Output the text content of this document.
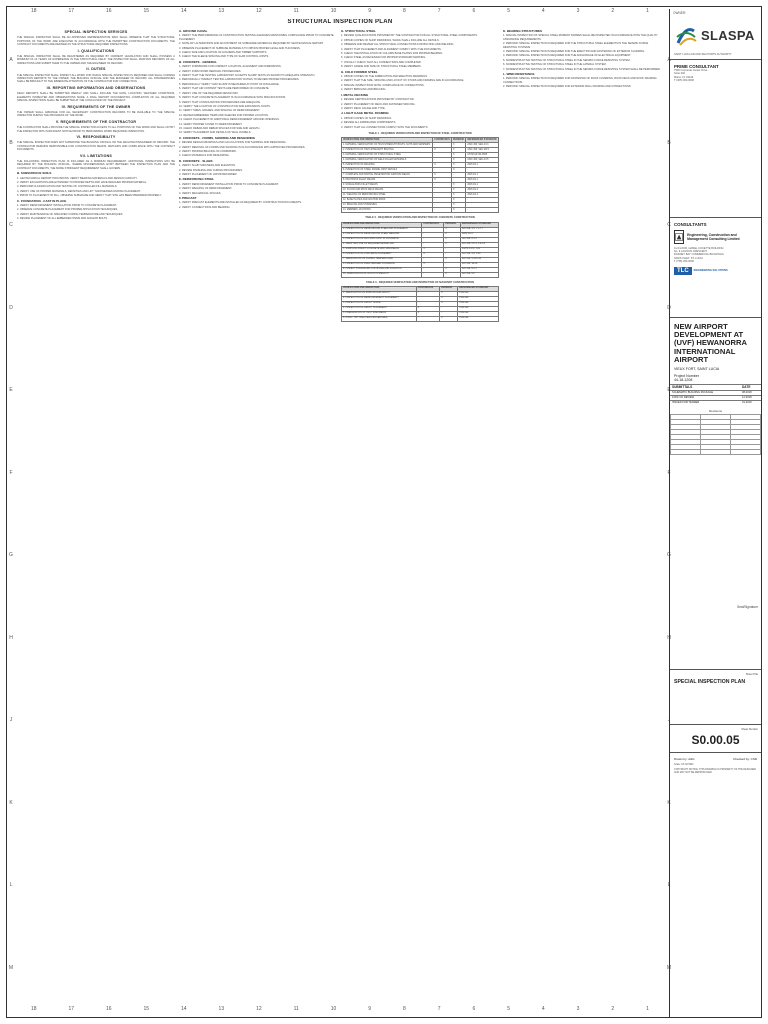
18	17	16	15	14	13	12	11	10	9	8	7	6	5	4	3	2	1
A
B
C
D
E
F
G
H
J
K
L
M
A
B
C
D
E
F
G
H
J
K
L
M
18	17	16	15	14	13	12	11	10	9	8	7	6	5	4	3	2	1
STRUCTURAL INSPECTION PLAN
SPECIAL INSPECTION SERVICES

THE SPECIAL INSPECTOR SHALL BE AN APPROVED REPRESENTATIVE WHO SHALL OBSERVE THAT THE STRUCTURAL PORTIONS OF THE WORK ARE EXECUTED IN ACCORDANCE WITH THE PERMITTED CONSTRUCTION DOCUMENTS. THE CONTRACT DOCUMENTS ARE DEFINED AS THE STRUCTURAL REQUIRED INSPECTIONS.

I. QUALIFICATIONS

THE SPECIAL INSPECTOR SHALL BE REGISTERED AS REQUIRED BY CURRENT LEGISLATION AND SHALL POSSESS A MINIMUM OF 10 YEARS OF EXPERIENCE IN THE STRUCTURAL FIELD. THE INSPECTOR SHALL MAINTAIN RECORDS OF ALL INSPECTIONS AND SUBMIT THEM TO THE OWNER AND THE ENGINEER OF RECORD.

II. DUTIES

THE SPECIAL INSPECTOR SHALL INSPECT ALL WORK FOR WHICH SPECIAL INSPECTION IS REQUIRED AND SHALL FURNISH INSPECTION REPORTS TO THE OWNER, THE BUILDING OFFICIAL AND THE ENGINEER OF RECORD. ALL DISCREPANCIES SHALL BE BROUGHT TO THE IMMEDIATE ATTENTION OF THE CONTRACTOR FOR CORRECTION.

III. REPORTING INFORMATION AND OBSERVATIONS

FIELD REPORTS SHALL BE SUBMITTED WEEKLY AND SHALL INCLUDE THE DATE, LOCATION, WEATHER CONDITIONS, ELEMENTS INSPECTED AND OBSERVATIONS MADE. A FINAL REPORT DOCUMENTING COMPLETION OF ALL REQUIRED SPECIAL INSPECTIONS SHALL BE SUBMITTED AT THE CONCLUSION OF THE PROJECT.

IV. REQUIREMENTS OF THE OWNER

THE OWNER SHALL ARRANGE FOR ALL NECESSARY CONSTRUCTION RECORDS TO BE AVAILABLE TO THE SPECIAL INSPECTOR DURING THE PROGRESS OF THE WORK.

V. REQUIREMENTS OF THE CONTRACTOR

THE CONTRACTOR SHALL PROVIDE THE SPECIAL INSPECTOR ACCESS TO ALL PORTIONS OF THE WORK AND SHALL NOTIFY THE INSPECTOR WITH SUFFICIENT NOTICE PRIOR TO PERFORMING WORK REQUIRING INSPECTION.

VI. RESPONSIBILITY

THE SPECIAL INSPECTOR DOES NOT SUPERVISE THE BUILDING OFFICIAL OR THE ARCHITECT/ENGINEER OF RECORD. THE CONTRACTOR REMAINS RESPONSIBLE FOR CONSTRUCTION MEANS, METHODS AND COMPLIANCE WITH THE CONTRACT DOCUMENTS.

VII. LIMITATIONS

THE FOLLOWING INSPECTION PLAN IS INCLUDED AS A MINIMUM REQUIREMENT. ADDITIONAL INSPECTIONS MAY BE REQUIRED BY THE BUILDING OFFICIAL. WHERE DISCREPANCIES EXIST BETWEEN THE INSPECTION PLAN AND THE CONTRACT DOCUMENTS, THE MORE STRINGENT REQUIREMENT SHALL GOVERN.

B. SUBSURFACE SOILS
1. GEOTECHNICAL REPORT PROVISIONS: VERIFY BEARING MATERIALS AND DESIGN CAPACITY.
2. VERIFY EXCAVATIONS ARE EXTENDED TO PROPER DEPTH AND HAVE REACHED PROPER MATERIAL.
3. PERFORM CLASSIFICATION AND TESTING OF CONTROLLED FILL MATERIALS.
4. VERIFY USE OF PROPER MATERIALS, DENSITIES AND LIFT THICKNESSES DURING PLACEMENT.
5. PRIOR TO PLACEMENT OF FILL, OBSERVE SUBGRADE AND VERIFY THAT SITE HAS BEEN PREPARED PROPERLY.
C. FOUNDATION - CAST IN PLACE
1. VERIFY REINFORCEMENT INSTALLATION PRIOR TO CONCRETE PLACEMENT.
2. OBSERVE CONCRETE PLACEMENT FOR PROPER APPLICATION TECHNIQUES.
3. VERIFY MAINTENANCE OF SPECIFIED CURING TEMPERATURE AND TECHNIQUES.
4. REVIEW PLACEMENT OF ALL EMBEDDED ITEMS AND ANCHOR BOLTS.
A. GROUND CANAL
1. VERIFY THE PERFORMANCE OF CONSTRUCTION TESTING AGENCIES MAINTAINING COMPLIANCE PRIOR TO CONCRETE PLACEMENT.
2. NOTE ANY ALTERATIONS AND ADJUSTMENT OF SUBGRADE MATERIALS REQUIRED BY GEOTECHNICAL REPORT.
3. OBSERVE PLACEMENT OF SUBBASE MATERIALS TO OBTAIN PROPER LEVEL AND THICKNESS.
4. CHECK SIZE AND LOCATION OF HOLDERS AND TIMBER SUPPORTS.
5. CHECK THE SLEEVE SPACING AND TYPE OF SLAB CONTROL JOINTS.
B. CONCRETE - GENERAL
1. VERIFY FORMWORK FOR CORRECT LOCATION, ALIGNMENT AND DIMENSIONS.
2. VERIFY FORM WORK REMOVAL PROCEDURES.
3. VERIFY THAT THE TESTING LABORATORY ACCEPTS SLUMP TESTS AS SHOWN TO ADEQUATE STRENGTH.
4. PERIODICALLY INSPECT TESTING LABORATORY DUTIES TO REVIEW PROPER PROCEDURES.
5. PERIODICALLY VERIFY THAT SLUMP IS MEASURED AT POINT OF DISCHARGE.
6. VERIFY THAT AIR CONTENT TESTS ARE PERFORMED ON CONCRETE.
7. VERIFY USE OF THE REQUIRED DESIGN MIX.
8. VERIFY THAT CONCRETE PLACEMENT IS IN ACCORDANCE WITH SPECIFICATIONS.
9. VERIFY THAT CONSOLIDATION PROCEDURES ARE ADEQUATE.
10. VERIFY THE LOCATION OF CONSTRUCTION AND EXPANSION JOINTS.
11. VERIFY SIZES, GRADES, AND SPACING OF REINFORCEMENT.
12. REVIEW EMBEDDED ITEMS AND SLEEVES FOR PROPER LOCATION.
13. CHECK PLACEMENT OF ADDITIONAL REINFORCEMENT AROUND OPENINGS.
14. VERIFY PROPER COVER TO REINFORCEMENT.
15. CHECK REBAR AND REBAR SPLICES FOR SIZE AND LENGTH.
16. VERIFY PLACEMENT AND DETAILS OF WALL DOWELS.
C. CONCRETE - FORMS, SHORING AND RESHORING
1. REVIEW DESIGN DRAWINGS AND CALCULATIONS FOR SHORING AND RESHORING.
2. VERIFY REMOVAL OF FORMS AND SHORING IS IN ACCORDANCE WITH APPROVED PROCEDURES.
3. VERIFY PROPER BRACING OF FORMWORK.
4. CHECK MATERIALS FOR RESHORING.
D. CONCRETE - SLABS
1. VERIFY SLAB THICKNESS AND ELEVATION.
2. REVIEW FINISHING AND CURING PROCEDURES.
3. VERIFY PLACEMENT OF VAPOR RETARDER.
E. REINFORCING STEEL
1. VERIFY REINFORCEMENT INSTALLATION PRIOR TO CONCRETE PLACEMENT.
2. VERIFY WELDING OF REINFORCEMENT.
3. VERIFY MECHANICAL SPLICES.
F. PRECAST
1. VERIFY PRECAST ELEMENTS ARE INSTALLED AS REQUIRED BY CONSTRUCTION DOCUMENTS.
2. VERIFY CONNECTIONS AND BEARING.
G. STRUCTURAL STEEL
1. REVIEW QUALIFICATIONS PROVIDED BY THE CONTRACTOR FOR ALL STRUCTURAL STEEL COMPONENTS.
2. OBTAIN COPIES OF SHOP DRAWINGS, WHICH SHALL INCLUDE ALL DETAILS.
3. OBSERVE AND REVIEW ALL STRUCTURAL CONNECTIONS FOR BOLTING AND WELDING.
4. VERIFY THAT PLACEMENT AND ALIGNMENT COMPLY WITH THE DOCUMENTS.
5. CHECK THE INSTALLATION OF COLUMN BASE PLATES FOR PROPER BEARING.
6. CHECK STEEL AS RECEIVED FOR PROPER STANDARD MARKING.
7. VISUALLY CHECK THAT ALL CONNECTIONS ARE COMPLETED.
8. VERIFY GRADE AND SIZE OF STRUCTURAL STEEL MEMBERS.
H. COLD FORMED STEEL
1. OBTAIN COPIES OF THE FABRICATION AND ERECTION DRAWINGS.
2. VERIFY THAT THE SIZE, SPACING AND LAYOUT OF STUDS AND FRAMING ARE IN ACCORDANCE.
3. SPECIAL INSPECTIONS NOTE: COMPLIANCE OF CONNECTIONS.
4. VERIFY BRIDGING AND BRACING.
I. METAL DECKING
1. REVIEW CERTIFICATIONS PROVIDED BY CONTRACTOR.
2. VERIFY PLACEMENT OF DECK AND FASTENER SPACING.
3. VERIFY DECK GAUGE AND TYPE.
J. LIGHT GAGE METAL FRAMING
1. OBTAIN COPIES OF SHOP DRAWINGS.
2. REVIEW ALL FABRICATED COMPONENTS.
3. VERIFY THAT ALL CONNECTIONS COMPLY WITH THE DOCUMENTS.
TABLE 1 - REQUIRED VERIFICATION AND INSPECTION OF STEEL CONSTRUCTION
VERIFICATION AND INSPECTION	CONTINUOUS	PERIODIC	REFERENCED STANDARD
1. MATERIAL VERIFICATION OF HIGH-STRENGTH BOLTS, NUTS AND WASHERS	-	X	AISC 360, SEC A3.3
2. INSPECTION OF HIGH-STRENGTH BOLTING	X	X	AISC 360, SEC M2.5
3. MATERIAL VERIFICATION OF STRUCTURAL STEEL	-	X	ASTM A6 OR A568
4. MATERIAL VERIFICATION OF WELD FILLER MATERIALS	-	X	AISC 360, SEC A3.5
5. INSPECTION OF WELDING	X	X	AWS D1.1
6. INSPECTION OF STEEL FRAME JOINT DETAILS	-	X	-
7. COMPLETE AND PARTIAL PENETRATION GROOVE WELDS	X	-	AWS D1.1
8. MULTIPASS FILLET WELDS	X	-	AWS D1.1
9. SINGLE-PASS FILLET WELDS	-	X	AWS D1.1
10. FLOOR AND ROOF DECK WELDS	-	X	AWS D1.3
11. WELDING OF REINFORCING STEEL	-	X	AWS D1.4
12. BASE PLATES AND ANCHOR RODS	-	X	-
13. BRACING AND STIFFENING	-	X	-
14. MEMBER LOCATIONS	-	X	-
TABLE 2 - REQUIRED VERIFICATION AND INSPECTION OF CONCRETE CONSTRUCTION
VERIFICATION AND INSPECTION	CONTINUOUS	PERIODIC	REFERENCED STANDARD
1. INSPECTION OF REINFORCING STEEL AND PLACEMENT	-	X	ACI 318: 3.5, 7.1-7.7
2. INSPECTION OF REINFORCING STEEL WELDING	-	X	AWS D1.4
3. INSPECTION OF ANCHORS CAST IN CONCRETE	-	X	ACI 318: 8.1.3
4. VERIFYING USE OF REQUIRED DESIGN MIX	-	X	ACI 318: CH 4, 5.2-5.4
5. SAMPLING FRESH CONCRETE AND SPECIMENS	X	-	ASTM C172, C31
6. INSPECTION OF CONCRETE PLACEMENT	X	-	ACI 318: 5.9, 5.10
7. VERIFICATION OF CURING TEMPERATURE	-	X	ACI 318: 5.11-5.13
8. INSPECTION OF PRESTRESSED CONCRETE	X	-	ACI 318: 18.20
9. INSPECT FORMWORK FOR SHAPE AND LOCATION	-	X	ACI 318: 6.1.1
10. VERIFICATION OF IN-SITU STRENGTH	-	X	ACI 318: 6.2
TABLE 3 - REQUIRED VERIFICATION AND INSPECTION OF MASONRY CONSTRUCTION
VERIFICATION AND INSPECTION	CONTINUOUS	PERIODIC	REFERENCED STANDARD
1. VERIFICATION OF MORTAR AND GROUT	-	X	TMS 602
2. INSPECTION OF REINFORCEMENT PLACEMENT	-	X	TMS 602
3. INSPECTION OF GROUT SPACE	-	X	TMS 602
4. INSPECTION OF GROUT PLACEMENT	X	-	TMS 602
5. PREPARATION OF TEST SPECIMENS	X	-	TMS 602
6. COLD / HOT WEATHER PROCEDURES	-	X	TMS 602
K. BEARING STRUCTURES
1. SPECIAL INSPECTION OF SPECIAL STEEL MOMENT FRAMES SHALL BE INSPECTED IN ACCORDANCE WITH THE QUALITY ASSURANCE REQUIREMENTS.
2. PERIODIC SPECIAL INSPECTION IS REQUIRED FOR THE STRUCTURAL STEEL ELEMENTS IN THE SEISMIC FORCE RESISTING SYSTEMS.
3. PERIODIC SPECIAL INSPECTION IS REQUIRED FOR THE ERECTION AND FASTENING OF EXTERIOR CLADDING.
4. PERIODIC SPECIAL INSPECTION IS REQUIRED FOR THE ANCHORAGE OF ELECTRICAL EQUIPMENT.
5. NONDESTRUCTIVE TESTING OF STRUCTURAL STEEL IN THE SEISMIC FORCE RESISTING SYSTEM.
6. NONDESTRUCTIVE TESTING OF STRUCTURAL STEEL IN THE LATERAL SYSTEM.
7. NONDESTRUCTIVE TESTING OF STRUCTURAL STEEL IN THE SEISMIC FORCE RESISTING SYSTEM SHALL BE PERFORMED.
L. WIND RESISTANCE
1. PERIODIC SPECIAL INSPECTION IS REQUIRED FOR FASTENING OF ROOF COVERING, ROOF DECK AND ROOF FRAMING CONNECTIONS.
2. PERIODIC SPECIAL INSPECTION IS REQUIRED FOR EXTERIOR WALL FRAMING AND CONNECTIONS.
OWNER:
SLASPA
SAINT LUCIA AIR AND SEA PORTS AUTHORITY
PRIME CONSULTANT
7900 Corporate Center Drive
Suite 302
Miami, FL 33126
T (305) 000-0000
CONSULTANTS
Engineering, Construction and Management Consulting Limited
1st FLOOR, HAMEL COUETTE BUILDING
No. 9 LAGOON CRESCENT
RODNEY BAY COMMERCIAL BUILDINGS
GROS ISLET, ST. LUCIA
T (758) 450-0000
TLC	ENGINEERING SOLUTIONS
NEW AIRPORT DEVELOPMENT AT (UVF) HEWANORRA INTERNATIONAL AIRPORT
VIEUX FORT, SAINT LUCIA
Project Number
44-18-1208
SUBMITTALS	DATE
SCHEMATIC BUILDING PACKAGE	08-2018
100% CD REVIEW	12-2018
ISSUED FOR TENDER	01-2019
Revisions

Seal/Signature
Sheet Title
SPECIAL INSPECTION PLAN
Sheet Number
S0.00.05
Drawn by: A&G	Checked by: CSD
Scale: AS NOTED
COPYRIGHT NOTICE: THIS DRAWING IS PROPERTY OF THE DESIGNER AND MAY NOT BE REPRODUCED
